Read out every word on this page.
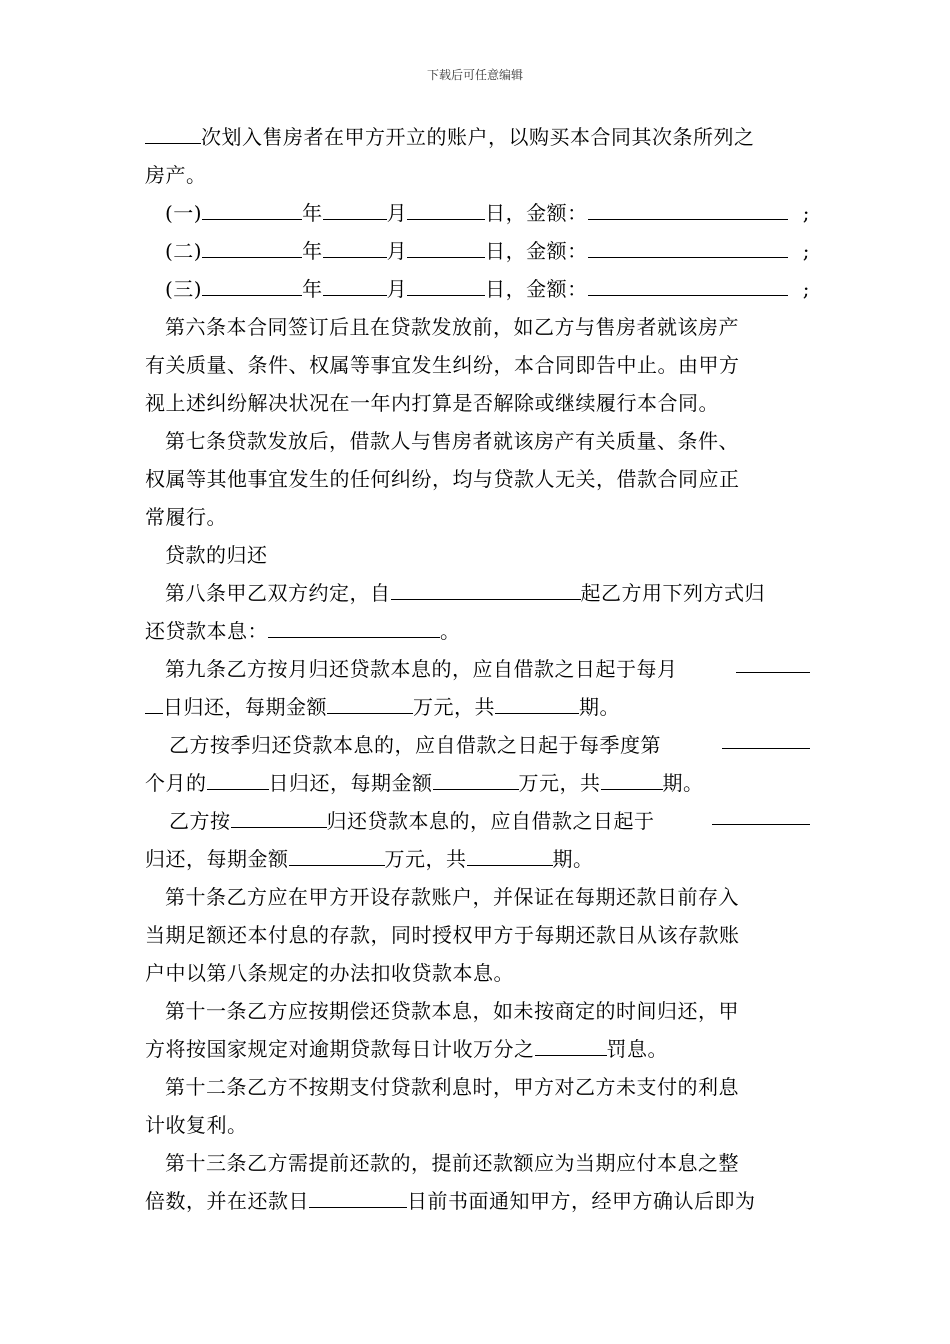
下载后可任意编辑
次划入售房者在甲方开立的账户，以购买本合同其次条所列之
房产。
(一)	年	月	日，金额：	;
(二)	年	月	日，金额：	;
(三)	年	月	日，金额：	;
第六条本合同签订后且在贷款发放前，如乙方与售房者就该房产
有关质量、条件、权属等事宜发生纠纷，本合同即告中止。由甲方
视上述纠纷解决状况在一年内打算是否解除或继续履行本合同。
第七条贷款发放后，借款人与售房者就该房产有关质量、条件、
权属等其他事宜发生的任何纠纷，均与贷款人无关，借款合同应正
常履行。
贷款的归还
第八条甲乙双方约定，自	起乙方用下列方式归
还贷款本息：	。
第九条乙方按月归还贷款本息的，应自借款之日起于每月
日归还，每期金额	万元，共	期。
乙方按季归还贷款本息的，应自借款之日起于每季度第
个月的	日归还，每期金额	万元，共	期。
乙方按	归还贷款本息的，应自借款之日起于
归还，每期金额	万元，共	期。
第十条乙方应在甲方开设存款账户，并保证在每期还款日前存入
当期足额还本付息的存款，同时授权甲方于每期还款日从该存款账
户中以第八条规定的办法扣收贷款本息。
第十一条乙方应按期偿还贷款本息，如未按商定的时间归还，甲
方将按国家规定对逾期贷款每日计收万分之	罚息。
第十二条乙方不按期支付贷款利息时，甲方对乙方未支付的利息
计收复利。
第十三条乙方需提前还款的，提前还款额应为当期应付本息之整
倍数，并在还款日	日前书面通知甲方，经甲方确认后即为
